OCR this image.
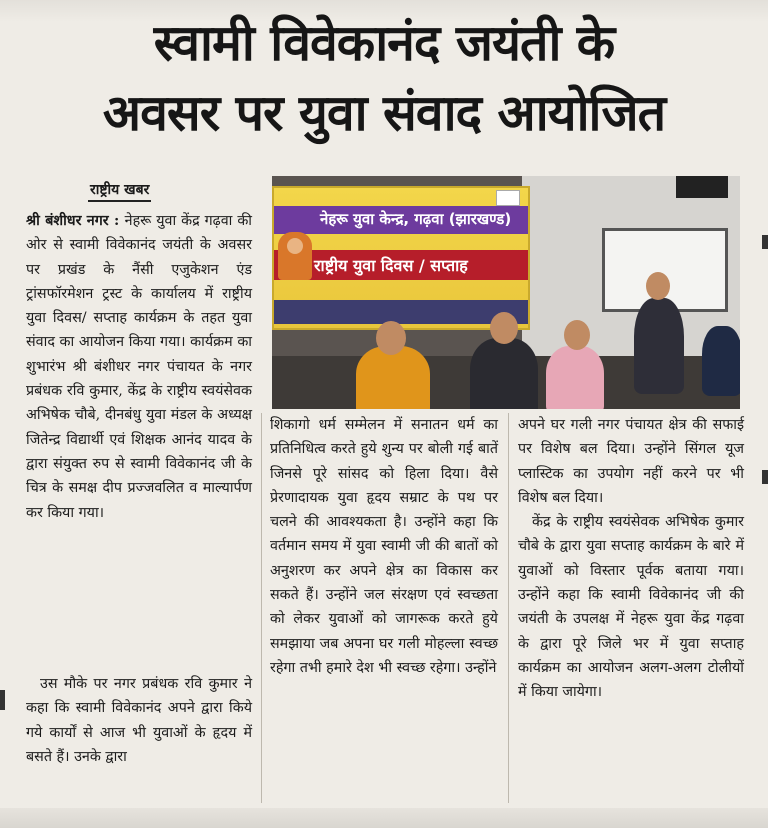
स्वामी विवेकानंद जयंती के
अवसर पर युवा संवाद आयोजित
राष्ट्रीय खबर
नेहरू युवा केन्द्र, गढ़वा (झारखण्ड)
राष्ट्रीय युवा दिवस / सप्ताह

श्री बंशीधर नगर : नेहरू युवा केंद्र गढ़वा की ओर से स्वामी विवेकानंद जयंती के अवसर पर प्रखंड के नैंसी एजुकेशन एंड ट्रांसफॉरमेशन ट्रस्ट के कार्यालय में राष्ट्रीय युवा दिवस/ सप्ताह कार्यक्रम के तहत युवा संवाद का आयोजन किया गया। कार्यक्रम का शुभारंभ श्री बंशीधर नगर पंचायत के नगर प्रबंधक रवि कुमार, केंद्र के राष्ट्रीय स्वयंसेवक अभिषेक चौबे, दीनबंधु युवा मंडल के अध्यक्ष जितेन्द्र विद्यार्थी एवं शिक्षक आनंद यादव के द्वारा संयुक्त रुप से स्वामी विवेकानंद जी के चित्र के समक्ष दीप प्रज्जवलित व माल्यार्पण कर किया गया।

उस मौके पर नगर प्रबंधक रवि कुमार ने कहा कि स्वामी विवेकानंद अपने द्वारा किये गये कार्यों से आज भी युवाओं के हृदय में बसते हैं। उनके द्वारा

शिकागो धर्म सम्मेलन में सनातन धर्म का प्रतिनिधित्व करते हुये शुन्य पर बोली गई बातें जिनसे पूरे सांसद को हिला दिया। वैसे प्रेरणादायक युवा हृदय सम्राट के पथ पर चलने की आवश्यकता है। उन्होंने कहा कि वर्तमान समय में युवा स्वामी जी की बातों को अनुशरण कर अपने क्षेत्र का विकास कर सकते हैं। उन्होंने जल संरक्षण एवं स्वच्छता को लेकर युवाओं को जागरूक करते हुये समझाया जब अपना घर गली मोहल्ला स्वच्छ रहेगा तभी हमारे देश भी स्वच्छ रहेगा। उन्होंने

अपने घर गली नगर पंचायत क्षेत्र की सफाई पर विशेष बल दिया। उन्होंने सिंगल यूज प्लास्टिक का उपयोग नहीं करने पर भी विशेष बल दिया।

केंद्र के राष्ट्रीय स्वयंसेवक अभिषेक कुमार चौबे के द्वारा युवा सप्ताह कार्यक्रम के बारे में युवाओं को विस्तार पूर्वक बताया गया। उन्होंने कहा कि स्वामी विवेकानंद जी की जयंती के उपलक्ष में नेहरू युवा केंद्र गढ़वा के द्वारा पूरे जिले भर में युवा सप्ताह कार्यक्रम का आयोजन अलग-अलग टोलीयों में किया जायेगा।
